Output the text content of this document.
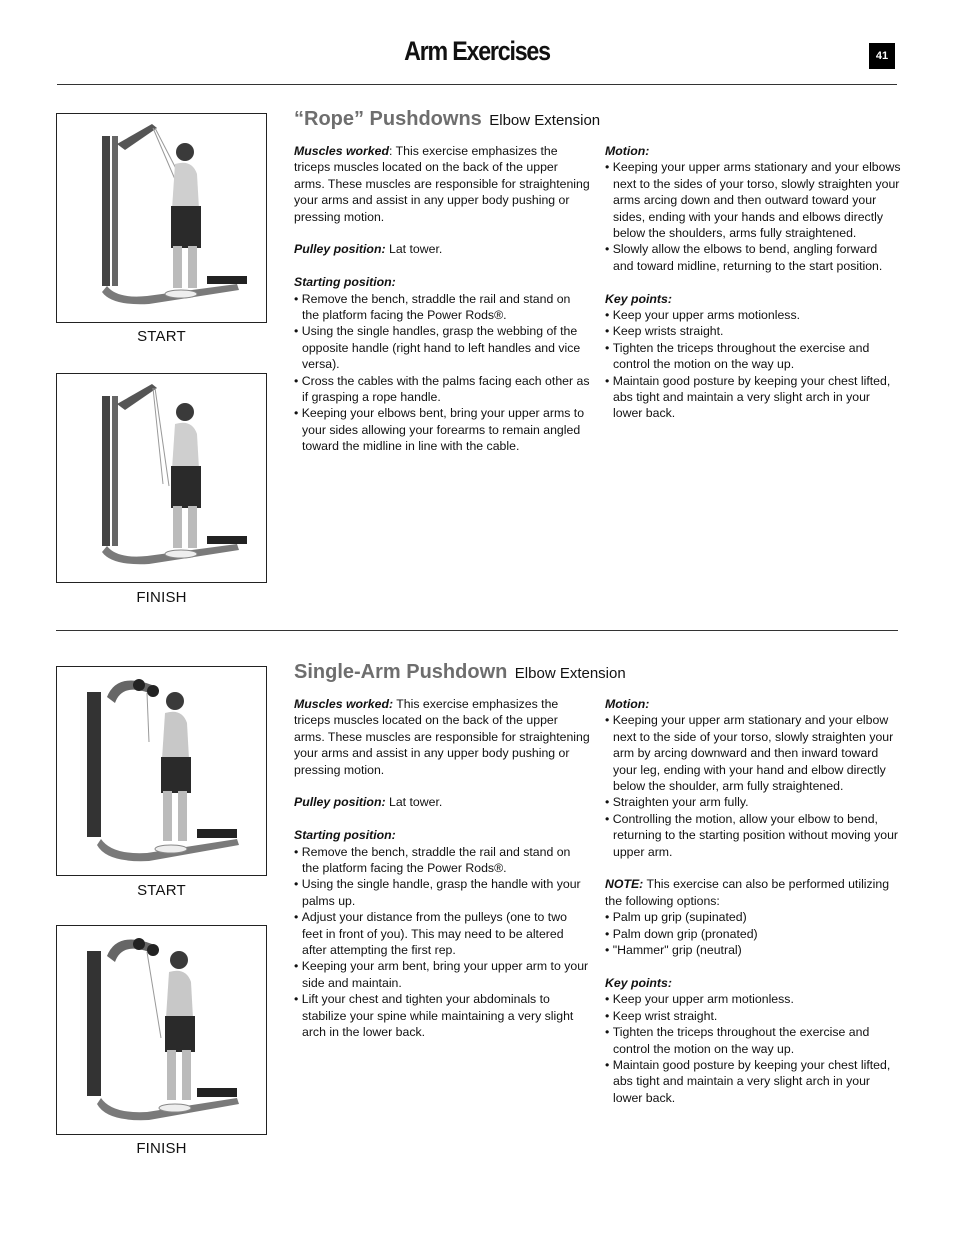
Arm Exercises	41
START
FINISH
“Rope” Pushdowns Elbow Extension

Muscles worked: This exercise emphasizes the triceps muscles located on the back of the upper arms. These muscles are responsible for straightening your arms and assist in any upper body pushing or pressing motion.

Pulley position: Lat tower.

Starting position:

• Remove the bench, straddle the rail and stand on the platform facing the Power Rods®.

• Using the single handles, grasp the webbing of the opposite handle (right hand to left handles and vice versa).

• Cross the cables with the palms facing each other as if grasping a rope handle.

• Keeping your elbows bent, bring your upper arms to your sides allowing your forearms to remain angled toward the midline in line with the cable.

Motion:

• Keeping your upper arms stationary and your elbows next to the sides of your torso, slowly straighten your arms arcing down and then outward toward your sides, ending with your hands and elbows directly below the shoulders, arms fully straightened.

• Slowly allow the elbows to bend, angling forward and toward midline, returning to the start position.

Key points:

• Keep your upper arms motionless.

• Keep wrists straight.

• Tighten the triceps throughout the exercise and control the motion on the way up.

• Maintain good posture by keeping your chest lifted, abs tight and maintain a very slight arch in your lower back.

START
FINISH
Single-Arm Pushdown Elbow Extension

Muscles worked: This exercise emphasizes the triceps muscles located on the back of the upper arms. These muscles are responsible for straightening your arms and assist in any upper body pushing or pressing motion.

Pulley position: Lat tower.

Starting position:

• Remove the bench, straddle the rail and stand on the platform facing the Power Rods®.

• Using the single handle, grasp the handle with your palms up.

• Adjust your distance from the pulleys (one to two feet in front of you). This may need to be altered after attempting the first rep.

• Keeping your arm bent, bring your upper arm to your side and maintain.

• Lift your chest and tighten your abdominals to stabilize your spine while maintaining a very slight arch in the lower back.

Motion:

• Keeping your upper arm stationary and your elbow next to the side of your torso, slowly straighten your arm by arcing downward and then inward toward your leg, ending with your hand and elbow directly below the shoulder, arm fully straightened.

• Straighten your arm fully.

• Controlling the motion, allow your elbow to bend, returning to the starting position without moving your upper arm.

NOTE: This exercise can also be performed utilizing the following options:

• Palm up grip (supinated)

• Palm down grip (pronated)

• "Hammer" grip (neutral)

Key points:

• Keep your upper arm motionless.

• Keep wrist straight.

• Tighten the triceps throughout the exercise and control the motion on the way up.

• Maintain good posture by keeping your chest lifted, abs tight and maintain a very slight arch in your lower back.
